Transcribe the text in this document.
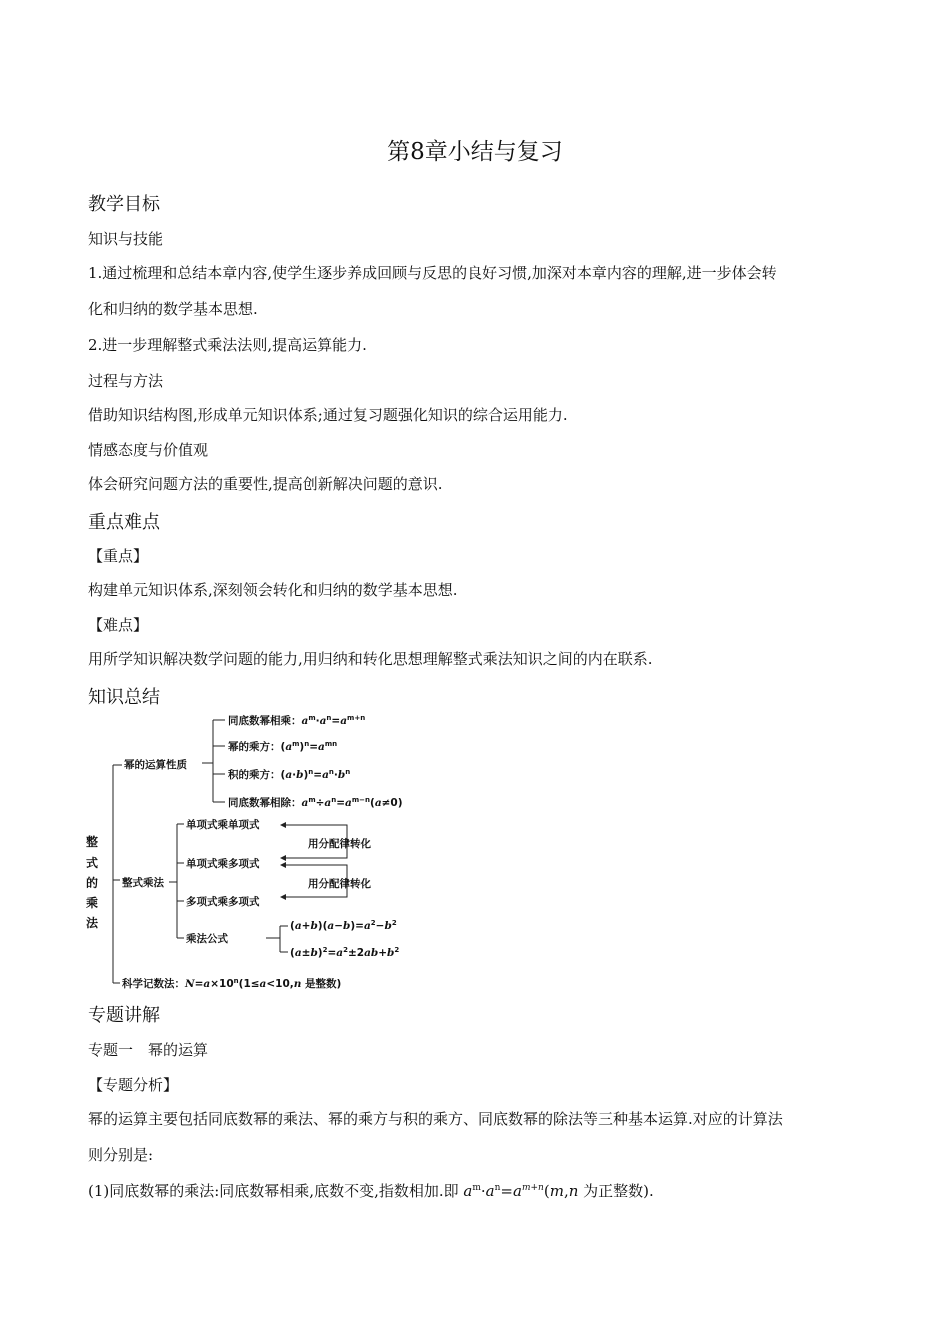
第8章小结与复习
教学目标
知识与技能
1.通过梳理和总结本章内容,使学生逐步养成回顾与反思的良好习惯,加深对本章内容的理解,进一步体会转
化和归纳的数学基本思想.
2.进一步理解整式乘法法则,提高运算能力.
过程与方法
借助知识结构图,形成单元知识体系;通过复习题强化知识的综合运用能力.
情感态度与价值观
体会研究问题方法的重要性,提高创新解决问题的意识.
重点难点
【重点】
构建单元知识体系,深刻领会转化和归纳的数学基本思想.
【难点】
用所学知识解决数学问题的能力,用归纳和转化思想理解整式乘法知识之间的内在联系.
知识总结
整
式
的
乘
法
幂的运算性质
同底数幂相乘：$a^m\cdot a^n=a^{m+n}$
幂的乘方：$(a^m)^n=a^{mn}$
积的乘方：$(a\cdot b)^n=a^n\cdot b^n$
同底数幂相除：$a^m\div a^n=a^{m-n}(a\ne 0)$
整式乘法
单项式乘单项式
单项式乘多项式
多项式乘多项式
乘法公式
用分配律转化
用分配律转化
$(a+b)(a-b)=a^2-b^2$
$(a\pm b)^2=a^2\pm 2ab+b^2$
科学记数法：$N=a\times 10^n(1\le a<10,n$ 是整数)
专题讲解
专题一　幂的运算
【专题分析】
幂的运算主要包括同底数幂的乘法、幂的乘方与积的乘方、同底数幂的除法等三种基本运算.对应的计算法
则分别是:
(1)同底数幂的乘法:同底数幂相乘,底数不变,指数相加.即 $a^m\cdot a^n=a^{m+n}(m,n$ 为正整数).
